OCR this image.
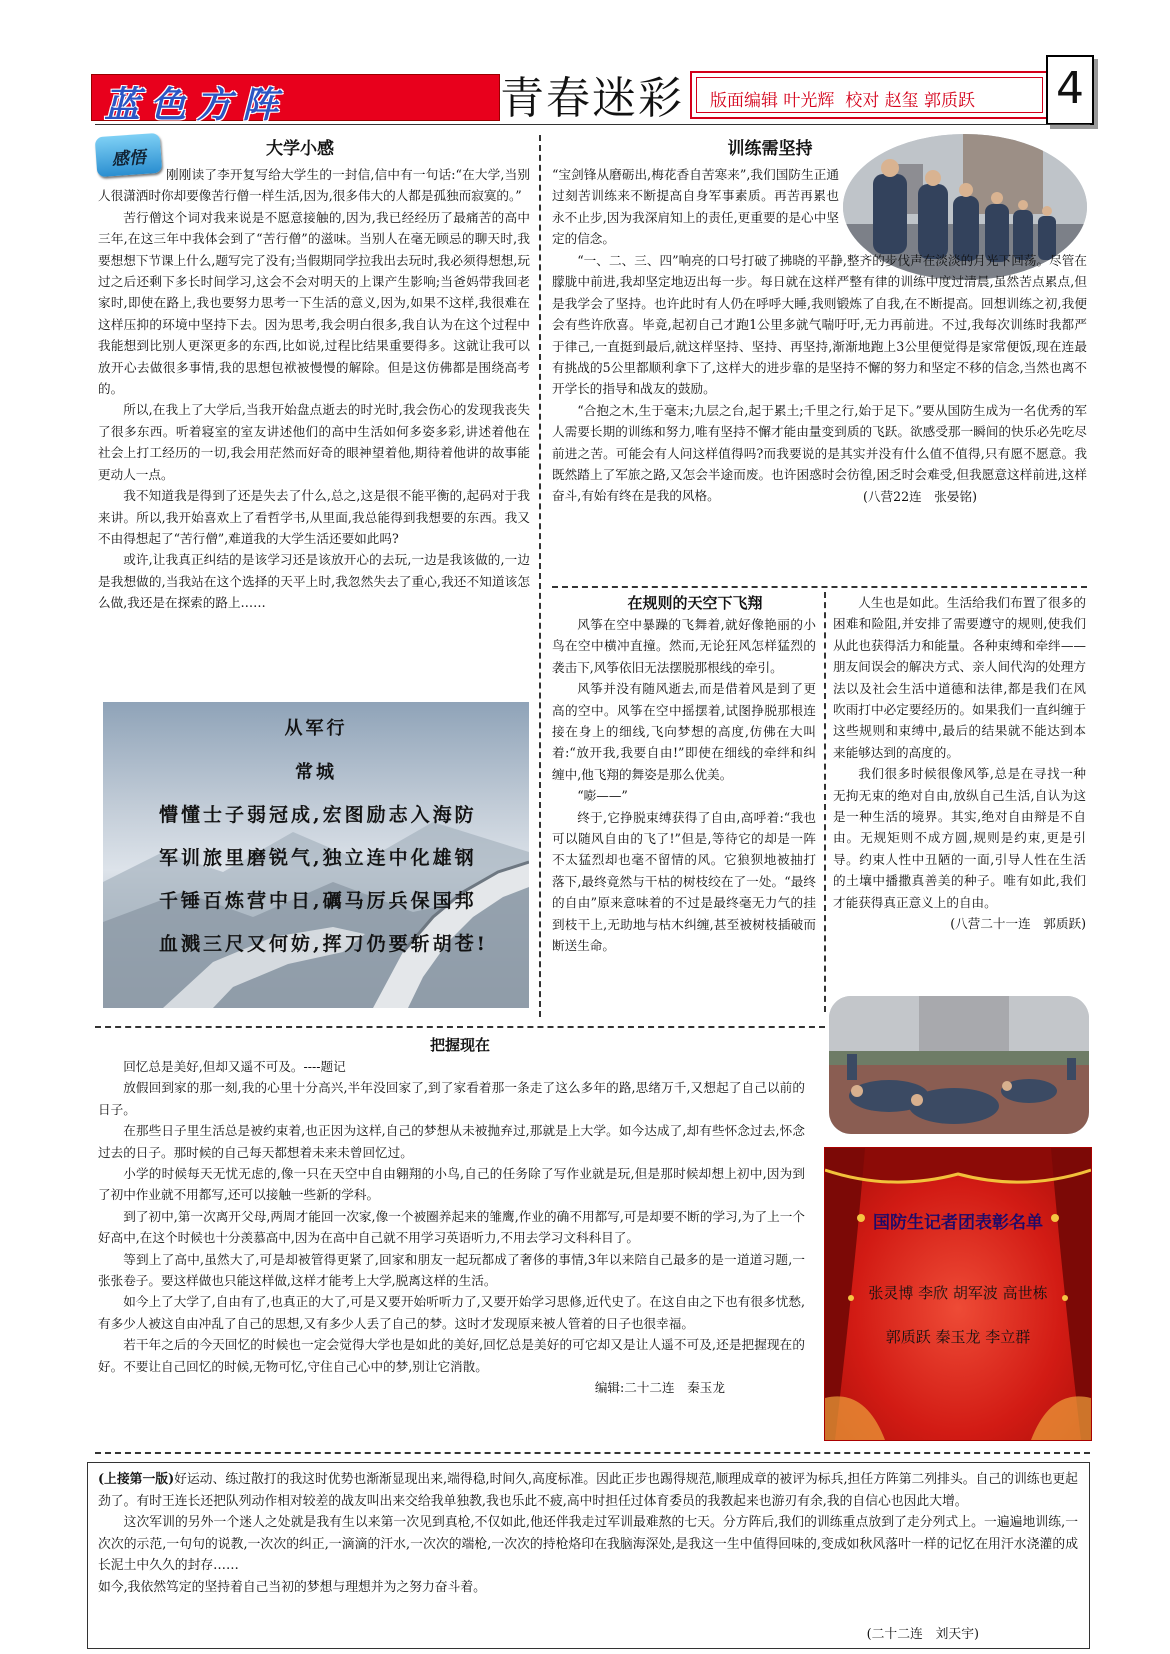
蓝色方阵	青春迷彩 版面编辑 叶光辉  校对 赵玺 郭质跃 4
感悟	大学小感

刚刚读了李开复写给大学生的一封信,信中有一句话:“在大学,当别人很潇洒时你却要像苦行僧一样生活,因为,很多伟大的人都是孤独而寂寞的。”

苦行僧这个词对我来说是不愿意接触的,因为,我已经经历了最痛苦的高中三年,在这三年中我体会到了“苦行僧”的滋味。当别人在毫无顾忌的聊天时,我要想想下节课上什么,题写完了没有;当假期同学拉我出去玩时,我必须得想想,玩过之后还剩下多长时间学习,这会不会对明天的上课产生影响;当爸妈带我回老家时,即使在路上,我也要努力思考一下生活的意义,因为,如果不这样,我很难在这样压抑的环境中坚持下去。因为思考,我会明白很多,我自认为在这个过程中我能想到比别人更深更多的东西,比如说,过程比结果重要得多。这就让我可以放开心去做很多事情,我的思想包袱被慢慢的解除。但是这仿佛都是围绕高考的。

所以,在我上了大学后,当我开始盘点逝去的时光时,我会伤心的发现我丧失了很多东西。听着寝室的室友讲述他们的高中生活如何多姿多彩,讲述着他在社会上打工经历的一切,我会用茫然而好奇的眼神望着他,期待着他讲的故事能更动人一点。

我不知道我是得到了还是失去了什么,总之,这是很不能平衡的,起码对于我来讲。所以,我开始喜欢上了看哲学书,从里面,我总能得到我想要的东西。我又不由得想起了“苦行僧”,难道我的大学生活还要如此吗?

或许,让我真正纠结的是该学习还是该放开心的去玩,一边是我该做的,一边是我想做的,当我站在这个选择的天平上时,我忽然失去了重心,我还不知道该怎么做,我还是在探索的路上……

从军行
常城
懵懂士子弱冠成,宏图励志入海防
军训旅里磨锐气,独立连中化雄钢
千锤百炼营中日,礪马厉兵保国邦
血溅三尺又何妨,挥刀仍要斩胡苍!
训练需坚持

“宝剑锋从磨砺出,梅花香自苦寒来”,我们国防生正通过刻苦训练来不断提高自身军事素质。再苦再累也永不止步,因为我深肩知上的责任,更重要的是心中坚定的信念。

“一、二、三、四”响亮的口号打破了拂晓的平静,整齐的步伐声在淡淡的月光下回荡。尽管在朦胧中前进,我却坚定地迈出每一步。每日就在这样严整有律的训练中度过清晨,虽然苦点累点,但是我学会了坚持。也许此时有人仍在呼呼大睡,我则锻炼了自我,在不断提高。回想训练之初,我便会有些许欣喜。毕竟,起初自己才跑1公里多就气喘吁吁,无力再前进。不过,我每次训练时我都严于律己,一直挺到最后,就这样坚持、坚持、再坚持,渐渐地跑上3公里便觉得是家常便饭,现在连最有挑战的5公里都顺利拿下了,这样大的进步靠的是坚持不懈的努力和坚定不移的信念,当然也离不开学长的指导和战友的鼓励。

“合抱之木,生于毫末;九层之台,起于累土;千里之行,始于足下。”要从国防生成为一名优秀的军人需要长期的训练和努力,唯有坚持不懈才能由量变到质的飞跃。欲感受那一瞬间的快乐必先吃尽前进之苦。可能会有人问这样值得吗?而我要说的是其实并没有什么值不值得,只有愿不愿意。我既然踏上了军旅之路,又怎会半途而废。也许困惑时会彷徨,困乏时会难受,但我愿意这样前进,这样奋斗,有始有终在是我的风格。	(八营22连　张晏铭)

在规则的天空下飞翔

风筝在空中暴躁的飞舞着,就好像艳丽的小鸟在空中横冲直撞。然而,无论狂风怎样猛烈的袭击下,风筝依旧无法摆脱那根线的牵引。

风筝并没有随风逝去,而是借着风是到了更高的空中。风筝在空中摇摆着,试图挣脱那根连接在身上的细线,飞向梦想的高度,仿佛在大叫着:“放开我,我要自由!”即使在细线的牵绊和纠缠中,他飞翔的舞姿是那么优美。

“嘭——”

终于,它挣脱束缚获得了自由,高呼着:“我也可以随风自由的飞了!”但是,等待它的却是一阵不太猛烈却也毫不留情的风。它狼狈地被抽打落下,最终竟然与干枯的树枝绞在了一处。“最终的自由”原来意味着的不过是最终毫无力气的挂到枝干上,无助地与枯木纠缠,甚至被树枝插破而断送生命。

人生也是如此。生活给我们布置了很多的困难和险阻,并安排了需要遵守的规则,使我们从此也获得活力和能量。各种束缚和牵绊——朋友间误会的解决方式、亲人间代沟的处理方法以及社会生活中道德和法律,都是我们在风吹雨打中必定要经历的。如果我们一直纠缠于这些规则和束缚中,最后的结果就不能达到本来能够达到的高度的。

我们很多时候很像风筝,总是在寻找一种无拘无束的绝对自由,放纵自己生活,自认为这是一种生活的境界。其实,绝对自由辩是不自由。无规矩则不成方圆,规则是约束,更是引导。约束人性中丑陋的一面,引导人性在生活的土壤中播撒真善美的种子。唯有如此,我们才能获得真正意义上的自由。

(八营二十一连　郭质跃)

把握现在

回忆总是美好,但却又遥不可及。----题记

放假回到家的那一刻,我的心里十分高兴,半年没回家了,到了家看着那一条走了这么多年的路,思绪万千,又想起了自己以前的日子。

在那些日子里生活总是被约束着,也正因为这样,自己的梦想从未被抛弃过,那就是上大学。如今达成了,却有些怀念过去,怀念过去的日子。那时候的自己每天都想着未来未曾回忆过。

小学的时候每天无忧无虑的,像一只在天空中自由翱翔的小鸟,自己的任务除了写作业就是玩,但是那时候却想上初中,因为到了初中作业就不用都写,还可以接触一些新的学科。

到了初中,第一次离开父母,两周才能回一次家,像一个被圈养起来的雏鹰,作业的确不用都写,可是却要不断的学习,为了上一个好高中,在这个时候也十分羡慕高中,因为在高中自己就不用学习英语听力,不用去学习文科科目了。

等到上了高中,虽然大了,可是却被管得更紧了,回家和朋友一起玩都成了奢侈的事情,3年以来陪自己最多的是一道道习题,一张张卷子。要这样做也只能这样做,这样才能考上大学,脱离这样的生活。

如今上了大学了,自由有了,也真正的大了,可是又要开始听听力了,又要开始学习思修,近代史了。在这自由之下也有很多忧愁,有多少人被这自由冲乱了自己的思想,又有多少人丢了自己的梦。这时才发现原来被人管着的日子也很幸福。

若干年之后的今天回忆的时候也一定会觉得大学也是如此的美好,回忆总是美好的可它却又是让人遥不可及,还是把握现在的好。不要让自己回忆的时候,无物可忆,守住自己心中的梦,别让它消散。

编辑:二十二连　秦玉龙

国防生记者团表彰名单
张灵博 李欣 胡军波 高世栋
郭质跃 秦玉龙 李立群

(上接第一版)好运动、练过散打的我这时优势也渐渐显现出来,端得稳,时间久,高度标准。因此正步也踢得规范,顺理成章的被评为标兵,担任方阵第二列排头。自己的训练也更起劲了。有时王连长还把队列动作相对较差的战友叫出来交给我单独教,我也乐此不疲,高中时担任过体育委员的我教起来也游刃有余,我的自信心也因此大增。

这次军训的另外一个迷人之处就是我有生以来第一次见到真枪,不仅如此,他还伴我走过军训最难熬的七天。分方阵后,我们的训练重点放到了走分列式上。一遍遍地训练,一次次的示范,一句句的说教,一次次的纠正,一滴滴的汗水,一次次的端枪,一次次的持枪烙印在我脑海深处,是我这一生中值得回味的,变成如秋风落叶一样的记忆在用汗水浇灌的成长泥土中久久的封存……

如今,我依然笃定的坚持着自己当初的梦想与理想并为之努力奋斗着。

(二十二连　刘天宇)
